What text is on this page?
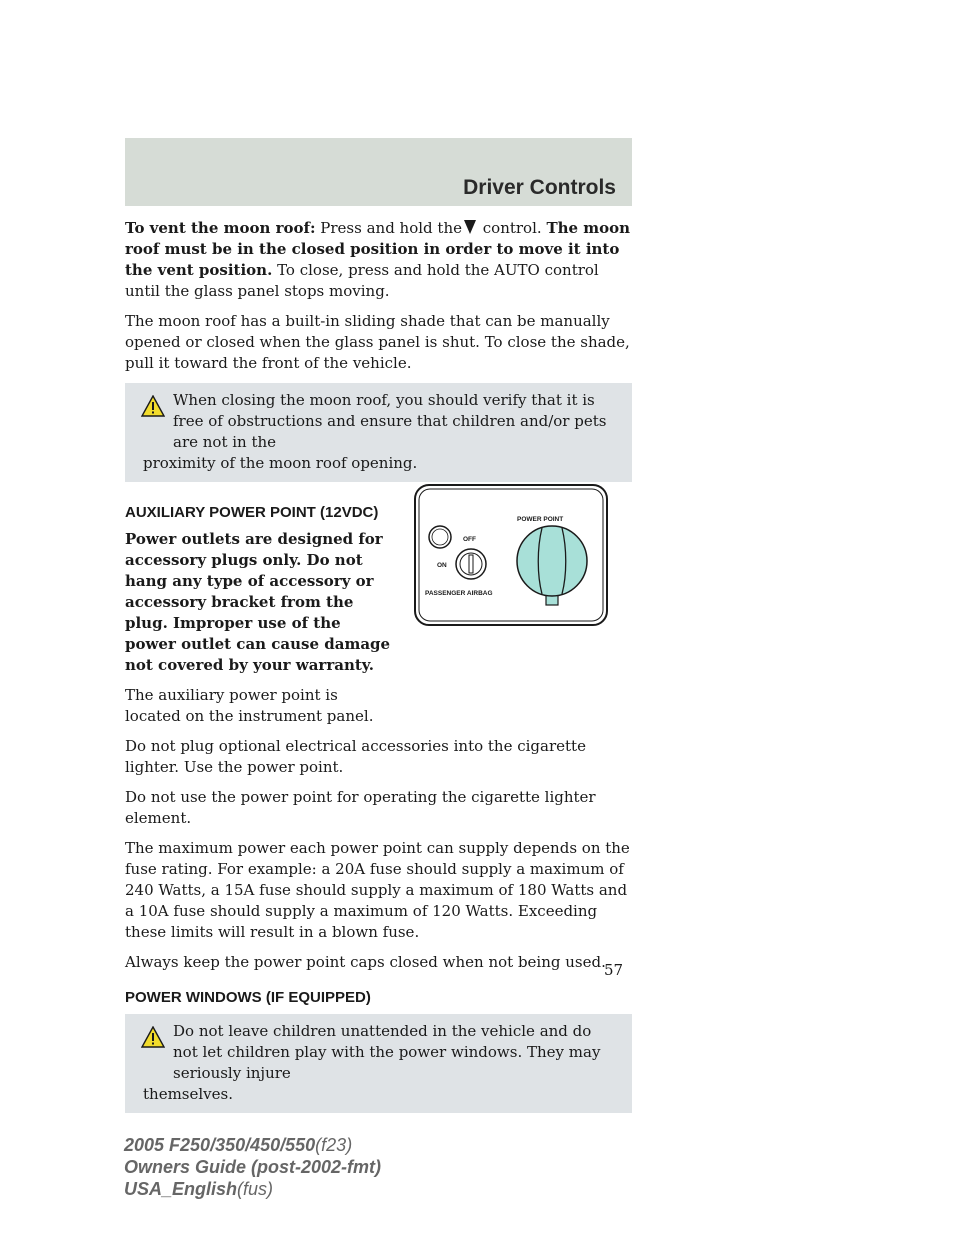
Driver Controls

To vent the moon roof: Press and hold the control. The moon roof must be in the closed position in order to move it into the vent position. To close, press and hold the AUTO control until the glass panel stops moving.

The moon roof has a built-in sliding shade that can be manually opened or closed when the glass panel is shut. To close the shade, pull it toward the front of the vehicle.

When closing the moon roof, you should verify that it is free of obstructions and ensure that children and/or pets are not in the
proximity of the moon roof opening.
AUXILIARY POWER POINT (12VDC)

Power outlets are designed for accessory plugs only. Do not hang any type of accessory or accessory bracket from the plug. Improper use of the power outlet can cause damage not covered by your warranty.

The auxiliary power point is located on the instrument panel.

Do not plug optional electrical accessories into the cigarette lighter. Use the power point.

Do not use the power point for operating the cigarette lighter element.

The maximum power each power point can supply depends on the fuse rating. For example: a 20A fuse should supply a maximum of 240 Watts, a 15A fuse should supply a maximum of 180 Watts and a 10A fuse should supply a maximum of 120 Watts. Exceeding these limits will result in a blown fuse.

Always keep the power point caps closed when not being used.

POWER WINDOWS (IF EQUIPPED)
Do not leave children unattended in the vehicle and do not let children play with the power windows. They may seriously injure
themselves.
OFF
ON
PASSENGER AIRBAG
POWER POINT
57
2005 F250/350/450/550(f23)
Owners Guide (post-2002-fmt)
USA_English(fus)
